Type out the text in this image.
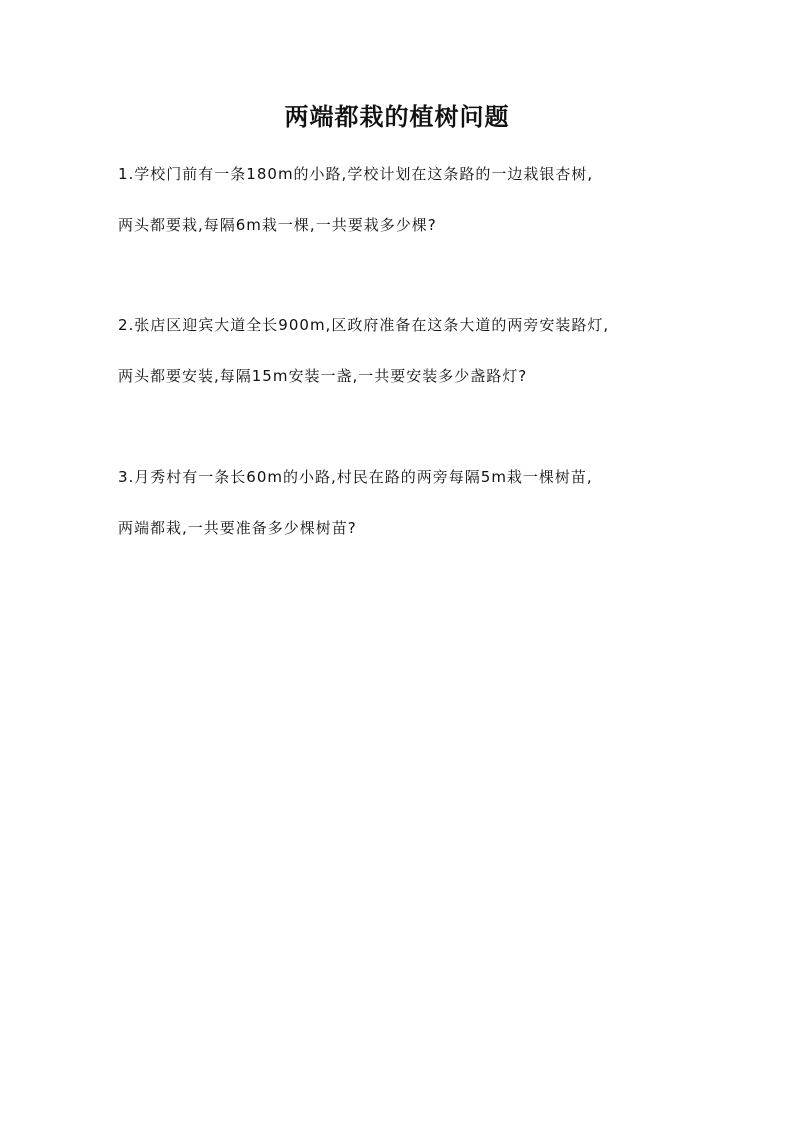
两端都栽的植树问题
1.学校门前有一条180m的小路,学校计划在这条路的一边栽银杏树,
两头都要栽,每隔6m栽一棵,一共要栽多少棵?
2.张店区迎宾大道全长900m,区政府准备在这条大道的两旁安装路灯,
两头都要安装,每隔15m安装一盏,一共要安装多少盏路灯?
3.月秀村有一条长60m的小路,村民在路的两旁每隔5m栽一棵树苗,
两端都栽,一共要准备多少棵树苗?
